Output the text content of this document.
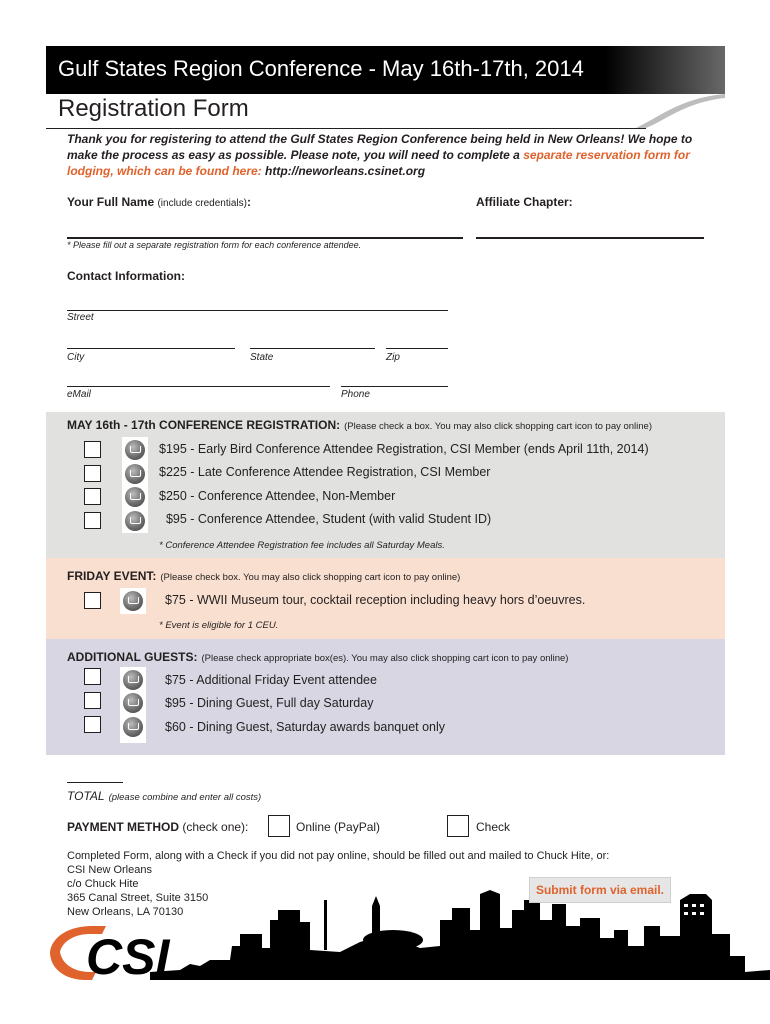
Gulf States Region Conference - May 16th-17th, 2014
Registration Form
Thank you for registering to attend the Gulf States Region Conference being held in New Orleans! We hope to make the process as easy as possible. Please note, you will need to complete a separate reservation form for lodging, which can be found here: http://neworleans.csinet.org
Your Full Name (include credentials):	Affiliate Chapter:
* Please fill out a separate registration form for each conference attendee.
Contact Information:
Street
City	State	Zip
eMail	Phone
MAY 16th - 17th CONFERENCE REGISTRATION: (Please check a box. You may also click shopping cart icon to pay online)
$195 - Early Bird Conference Attendee Registration, CSI Member (ends April 11th, 2014)
$225 - Late Conference Attendee Registration, CSI Member
$250 - Conference Attendee, Non-Member
$95 - Conference Attendee, Student (with valid Student ID)
* Conference Attendee Registration fee includes all Saturday Meals.
FRIDAY EVENT: (Please check box. You may also click shopping cart icon to pay online)
$75 - WWII Museum tour, cocktail reception including heavy hors d’oeuvres.
* Event is eligible for 1 CEU.
ADDITIONAL GUESTS: (Please check appropriate box(es). You may also click shopping cart icon to pay online)
$75 - Additional Friday Event attendee
$95 - Dining Guest, Full day Saturday
$60 - Dining Guest, Saturday awards banquet only
TOTAL (please combine and enter all costs)
PAYMENT METHOD (check one):	Online (PayPal)	Check
Completed Form, along with a Check if you did not pay online, should be filled out and mailed to Chuck Hite, or:
CSI New Orleans
c/o Chuck Hite
365 Canal Street, Suite 3150
New Orleans, LA 70130
Submit form via email.
CSI
